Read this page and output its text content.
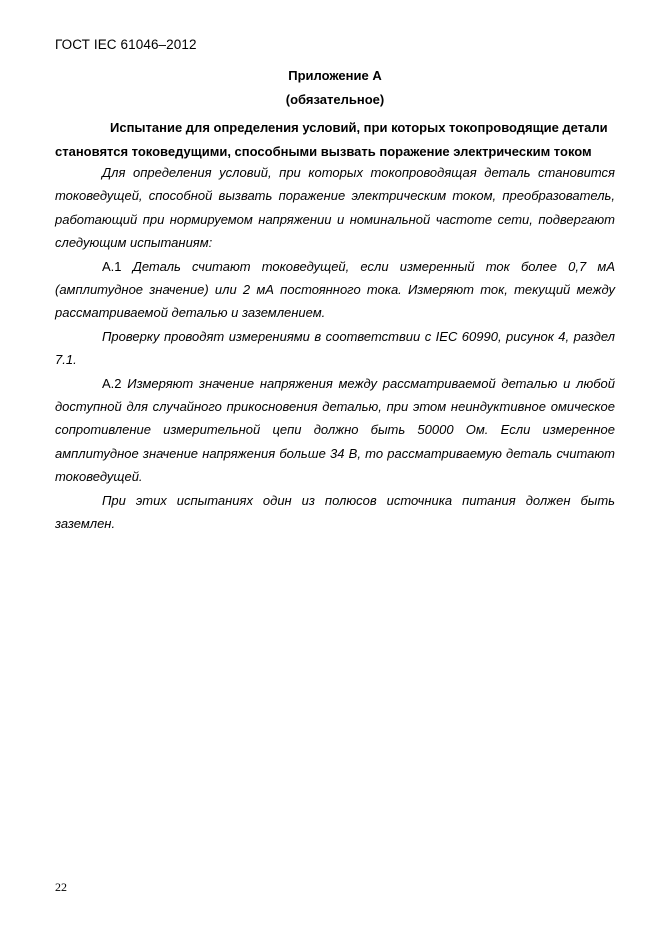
ГОСТ IEC 61046–2012
Приложение А
(обязательное)
Испытание для определения условий, при которых токопроводящие детали
становятся токоведущими, способными вызвать поражение электрическим током

Для определения условий, при которых токопроводящая деталь становится токоведущей, способной вызвать поражение электрическим током, преобразователь, работающий при нормируемом напряжении и номинальной частоте сети, подвергают следующим испытаниям:

А.1 Деталь считают токоведущей, если измеренный ток более 0,7 мА (амплитудное значение) или 2 мА постоянного тока. Измеряют ток, текущий между рассматриваемой деталью и заземлением.

Проверку проводят измерениями в соответствии с IEC 60990, рисунок 4, раздел 7.1.

А.2 Измеряют значение напряжения между рассматриваемой деталью и любой доступной для случайного прикосновения деталью, при этом неиндуктивное омическое сопротивление измерительной цепи должно быть 50000 Ом. Если измеренное амплитудное значение напряжения больше 34 В, то рассматриваемую деталь считают токоведущей.

При этих испытаниях один из полюсов источника питания должен быть заземлен.

22
